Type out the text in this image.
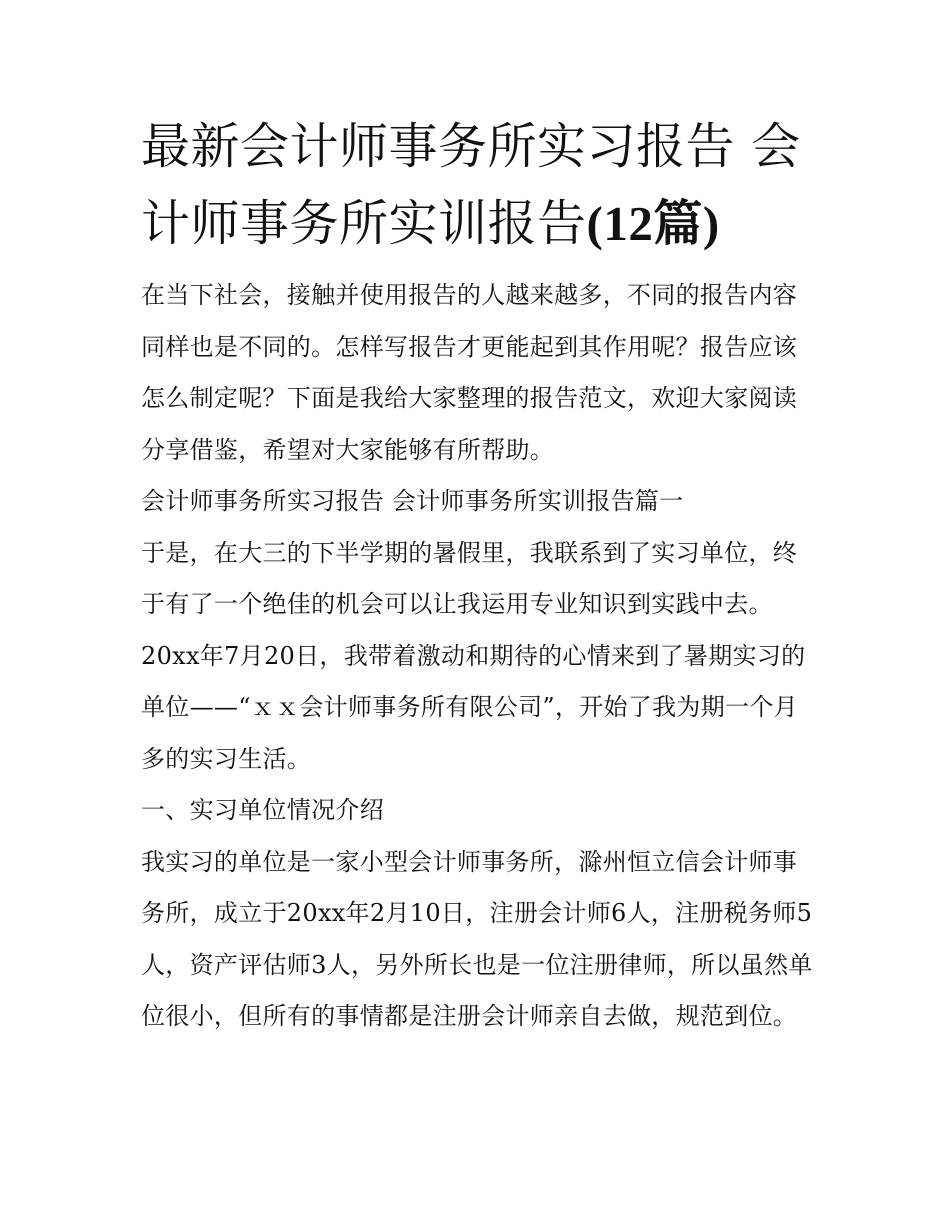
最新会计师事务所实习报告 会计师事务所实训报告(12篇)

在当下社会，接触并使用报告的人越来越多，不同的报告内容同样也是不同的。怎样写报告才更能起到其作用呢？报告应该怎么制定呢？下面是我给大家整理的报告范文，欢迎大家阅读分享借鉴，希望对大家能够有所帮助。

会计师事务所实习报告 会计师事务所实训报告篇一

于是，在大三的下半学期的暑假里，我联系到了实习单位，终于有了一个绝佳的机会可以让我运用专业知识到实践中去。20xx年7月20日，我带着激动和期待的心情来到了暑期实习的单位——“ｘｘ会计师事务所有限公司”，开始了我为期一个月多的实习生活。

一、实习单位情况介绍

我实习的单位是一家小型会计师事务所，滁州恒立信会计师事务所，成立于20xx年2月10日，注册会计师6人，注册税务师5人，资产评估师3人，另外所长也是一位注册律师，所以虽然单位很小，但所有的事情都是注册会计师亲自去做，规范到位。
